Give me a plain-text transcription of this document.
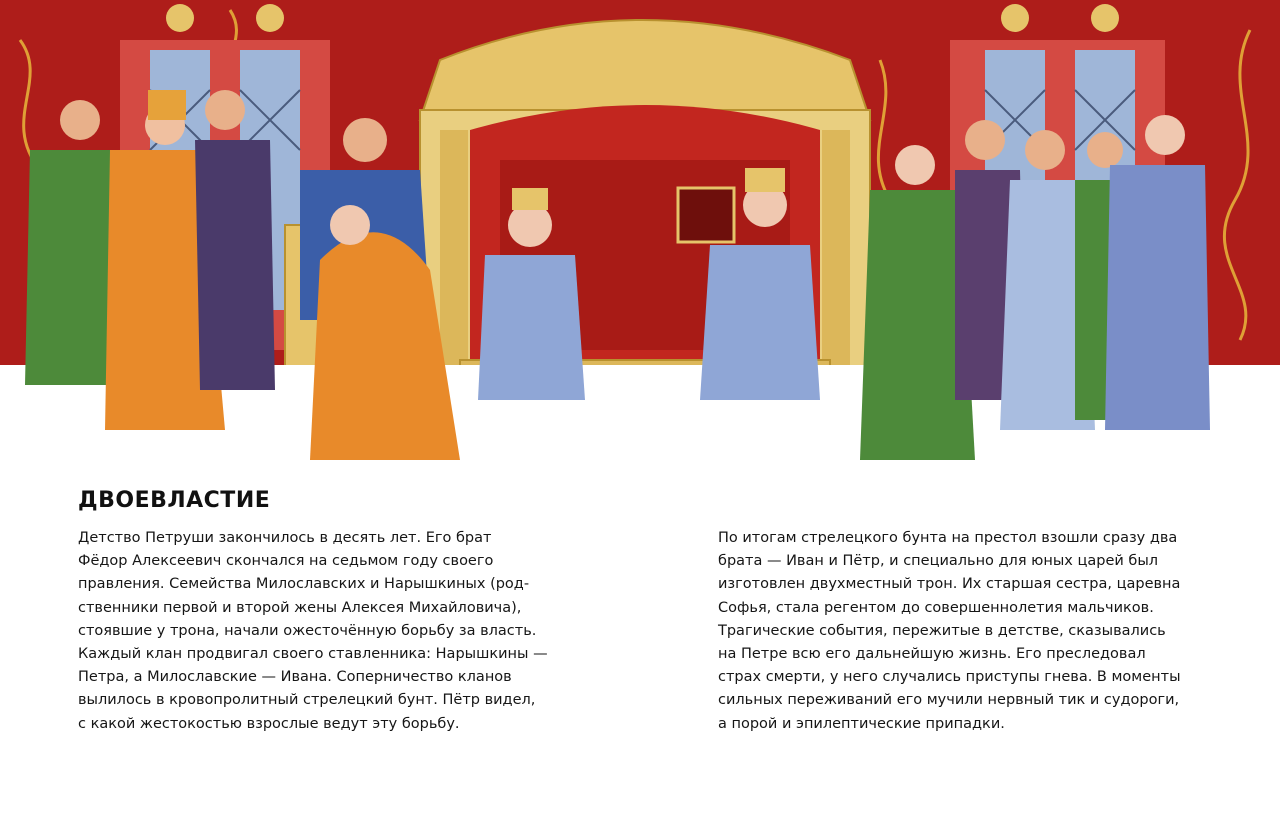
ДВОЕВЛАСТИЕ
Детство Петруши закончилось в десять лет. Его брат
Фёдор Алексеевич скончался на седьмом году своего
правления. Семейства Милославских и Нарышкиных (род-
ственники первой и второй жены Алексея Михайловича),
стоявшие у трона, начали ожесточённую борьбу за власть.
Каждый клан продвигал своего ставленника: Нарышкины —
Петра, а Милославские — Ивана. Соперничество кланов
вылилось в кровопролитный стрелецкий бунт. Пётр видел,
с какой жестокостью взрослые ведут эту борьбу.
По итогам стрелецкого бунта на престол взошли сразу два
брата — Иван и Пётр, и специально для юных царей был
изготовлен двухместный трон. Их старшая сестра, царевна
Софья, стала регентом до совершеннолетия мальчиков.
Трагические события, пережитые в детстве, сказывались
на Петре всю его дальнейшую жизнь. Его преследовал
страх смерти, у него случались приступы гнева. В моменты
сильных переживаний его мучили нервный тик и судороги,
а порой и эпилептические припадки.
